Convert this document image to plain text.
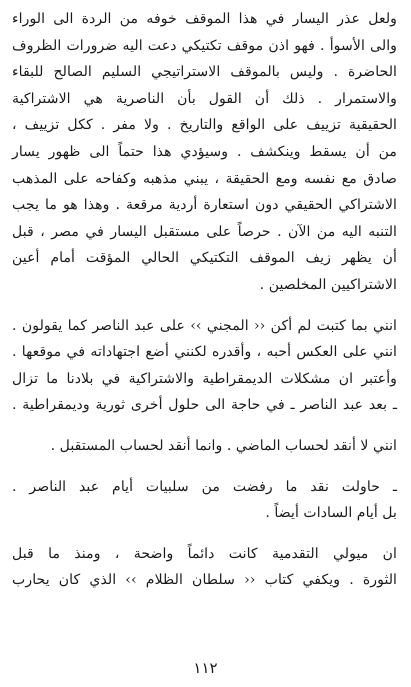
ولعل عذر اليسار في هذا الموقف خوفه من الردة الى الوراء
والى الأسوأ . فهو اذن موقف تكتيكي دعت اليه ضرورات الظروف
الحاضرة . وليس بالموقف الاستراتيجي السليم الصالح للبقاء
والاستمرار . ذلك أن القول بأن الناصرية هي الاشتراكية
الحقيقية تزييف على الواقع والتاريخ . ولا مفر . ككل تزييف ،
من أن يسقط وينكشف . وسيؤدي هذا حتماً الى ظهور يسار
صادق مع نفسه ومع الحقيقة ، يبني مذهبه وكفاحه على المذهب
الاشتراكي الحقيقي دون استعارة أردية مرقعة . وهذا هو ما يجب
التنبه اليه من الآن . حرصاً على مستقبل اليسار في مصر ، قبل
أن يظهر زيف الموقف التكتيكي الحالي المؤقت أمام أعين
الاشتراكيين المخلصين .
انني بما كتبت لم أكن ‹‹ المجني ›› على عبد الناصر كما يقولون .
انني على العكس أحبه ، وأقدره لكنني أضع اجتهاداته في موقعها .
وأعتبر ان مشكلات الديمقراطية والاشتراكية في بلادنا ما تزال
ـ بعد عبد الناصر ـ في حاجة الى حلول أخرى ثورية وديمقراطية .
انني لا أنقد لحساب الماضي . وانما أنقد لحساب المستقبل .
ـ حاولت نقد ما رفضت من سلبيات أيام عبد الناصر .
بل أيام السادات أيضاً .
ان ميولي التقدمية كانت دائماً واضحة ، ومنذ ما قبل
الثورة . ويكفي كتاب ‹‹ سلطان الظلام ›› الذي كان يحارب
١١٢
